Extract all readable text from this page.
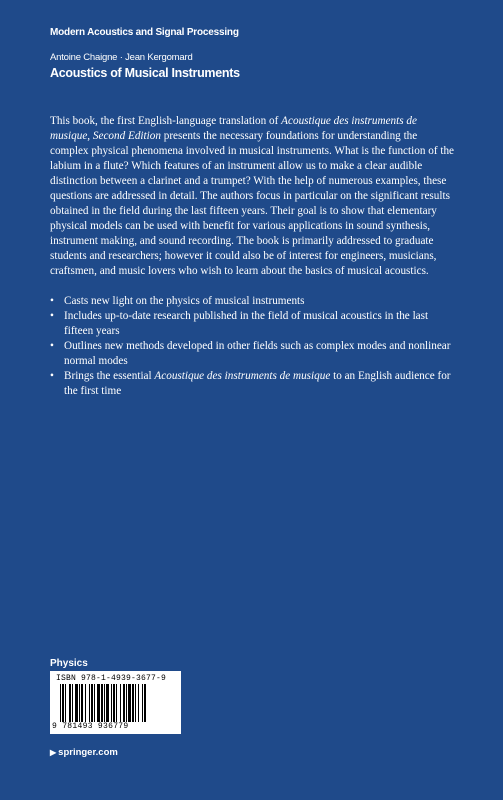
Modern Acoustics and Signal Processing
Antoine Chaigne · Jean Kergomard
Acoustics of Musical Instruments

This book, the first English-language translation of Acoustique des instruments de musique, Second Edition presents the necessary foundations for understanding the complex physical phenomena involved in musical instruments. What is the function of the labium in a flute? Which features of an instrument allow us to make a clear audible distinction between a clarinet and a trumpet? With the help of numerous examples, these questions are addressed in detail. The authors focus in particular on the significant results obtained in the field during the last fifteen years. Their goal is to show that elementary physical models can be used with benefit for various applications in sound synthesis, instrument making, and sound recording. The book is primarily addressed to graduate students and researchers; however it could also be of interest for engineers, musicians, craftsmen, and music lovers who wish to learn about the basics of musical acoustics.

• Casts new light on the physics of musical instruments
• Includes up-to-date research published in the field of musical acoustics in the last fifteen years
• Outlines new methods developed in other fields such as complex modes and nonlinear normal modes
• Brings the essential Acoustique des instruments de musique to an English audience for the first time
Physics
ISBN 978-1-4939-3677-9
9 781493 936779
▶ springer.com
